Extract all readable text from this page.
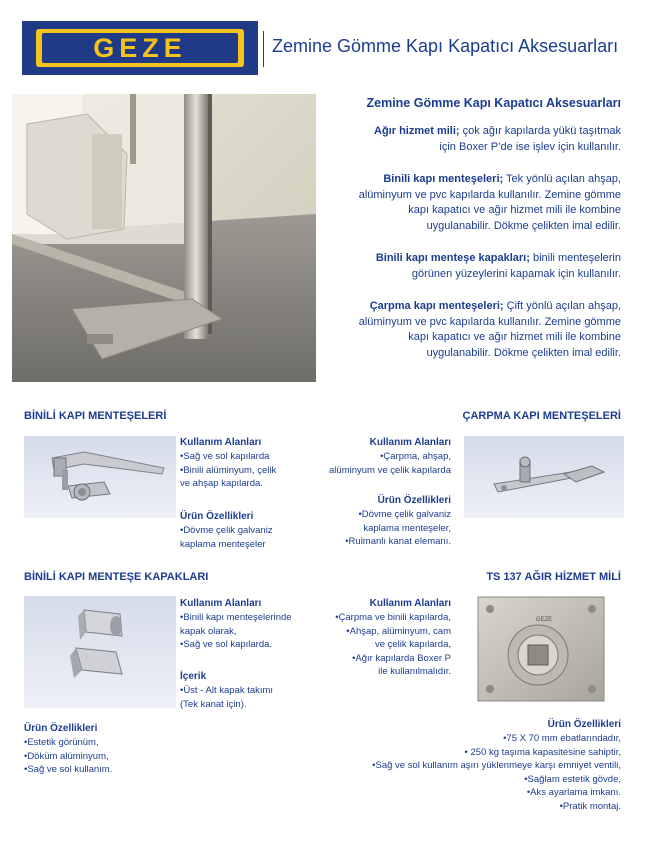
GEZE	Zemine Gömme Kapı Kapatıcı Aksesuarları
Zemine Gömme Kapı Kapatıcı Aksesuarları

Ağır hizmet mili; çok ağır kapılarda yükü taşıtmak
için Boxer P’de ise işlev için kullanılır.

Binili kapı menteşeleri; Tek yönlü açılan ahşap,
alüminyum ve pvc kapılarda kullanılır. Zemine gömme
kapı kapatıcı ve ağır hizmet mili ile kombine
uygulanabilir. Dökme çelikten imal edilir.

Binili kapı menteşe kapakları; binili menteşelerin
görünen yüzeylerini kapamak için kullanılır.

Çarpma kapı menteşeleri; Çift yönlü açılan ahşap,
alüminyum ve pvc kapılarda kullanılır. Zemine gömme
kapı kapatıcı ve ağır hizmet mili ile kombine
uygulanabilir. Dökme çelikten imal edilir.

BİNİLİ KAPI MENTEŞELERİ
Kullanım Alanları
•Sağ ve sol kapılarda
•Binili alüminyum, çelik
ve ahşap kapılarda.
Ürün Özellikleri
•Dövme çelik galvaniz
kaplama menteşeler
ÇARPMA KAPI MENTEŞELERİ
Kullanım Alanları
•Çarpma, ahşap,
alüminyum ve çelik kapılarda
Ürün Özellikleri
•Dövme çelik galvaniz
kaplama menteşeler,
•Rulmanlı kanat elemanı.
BİNİLİ KAPI MENTEŞE KAPAKLARI
Kullanım Alanları
•Binili kapı menteşelerinde
kapak olarak,
•Sağ ve sol kapılarda.
İçerik
•Üst - Alt kapak takımı
(Tek kanat için).
Ürün Özellikleri
•Estetik görünüm,
•Döküm alüminyum,
•Sağ ve sol kullanım.
TS 137 AĞIR HİZMET MİLİ
Kullanım Alanları
•Çarpma ve binili kapılarda,
•Ahşap, alüminyum, cam
ve çelik kapılarda,
•Ağır kapılarda Boxer P
ile kullanılmalıdır.
GEZE
Ürün Özellikleri
•75 X 70 mm ebatlarındadır,
• 250 kg taşıma kapasitesine sahiptir,
•Sağ ve sol kullanım aşırı yüklenmeye karşı emniyet ventili,
•Sağlam estetik gövde,
•Aks ayarlama imkanı.
•Pratik montaj.
